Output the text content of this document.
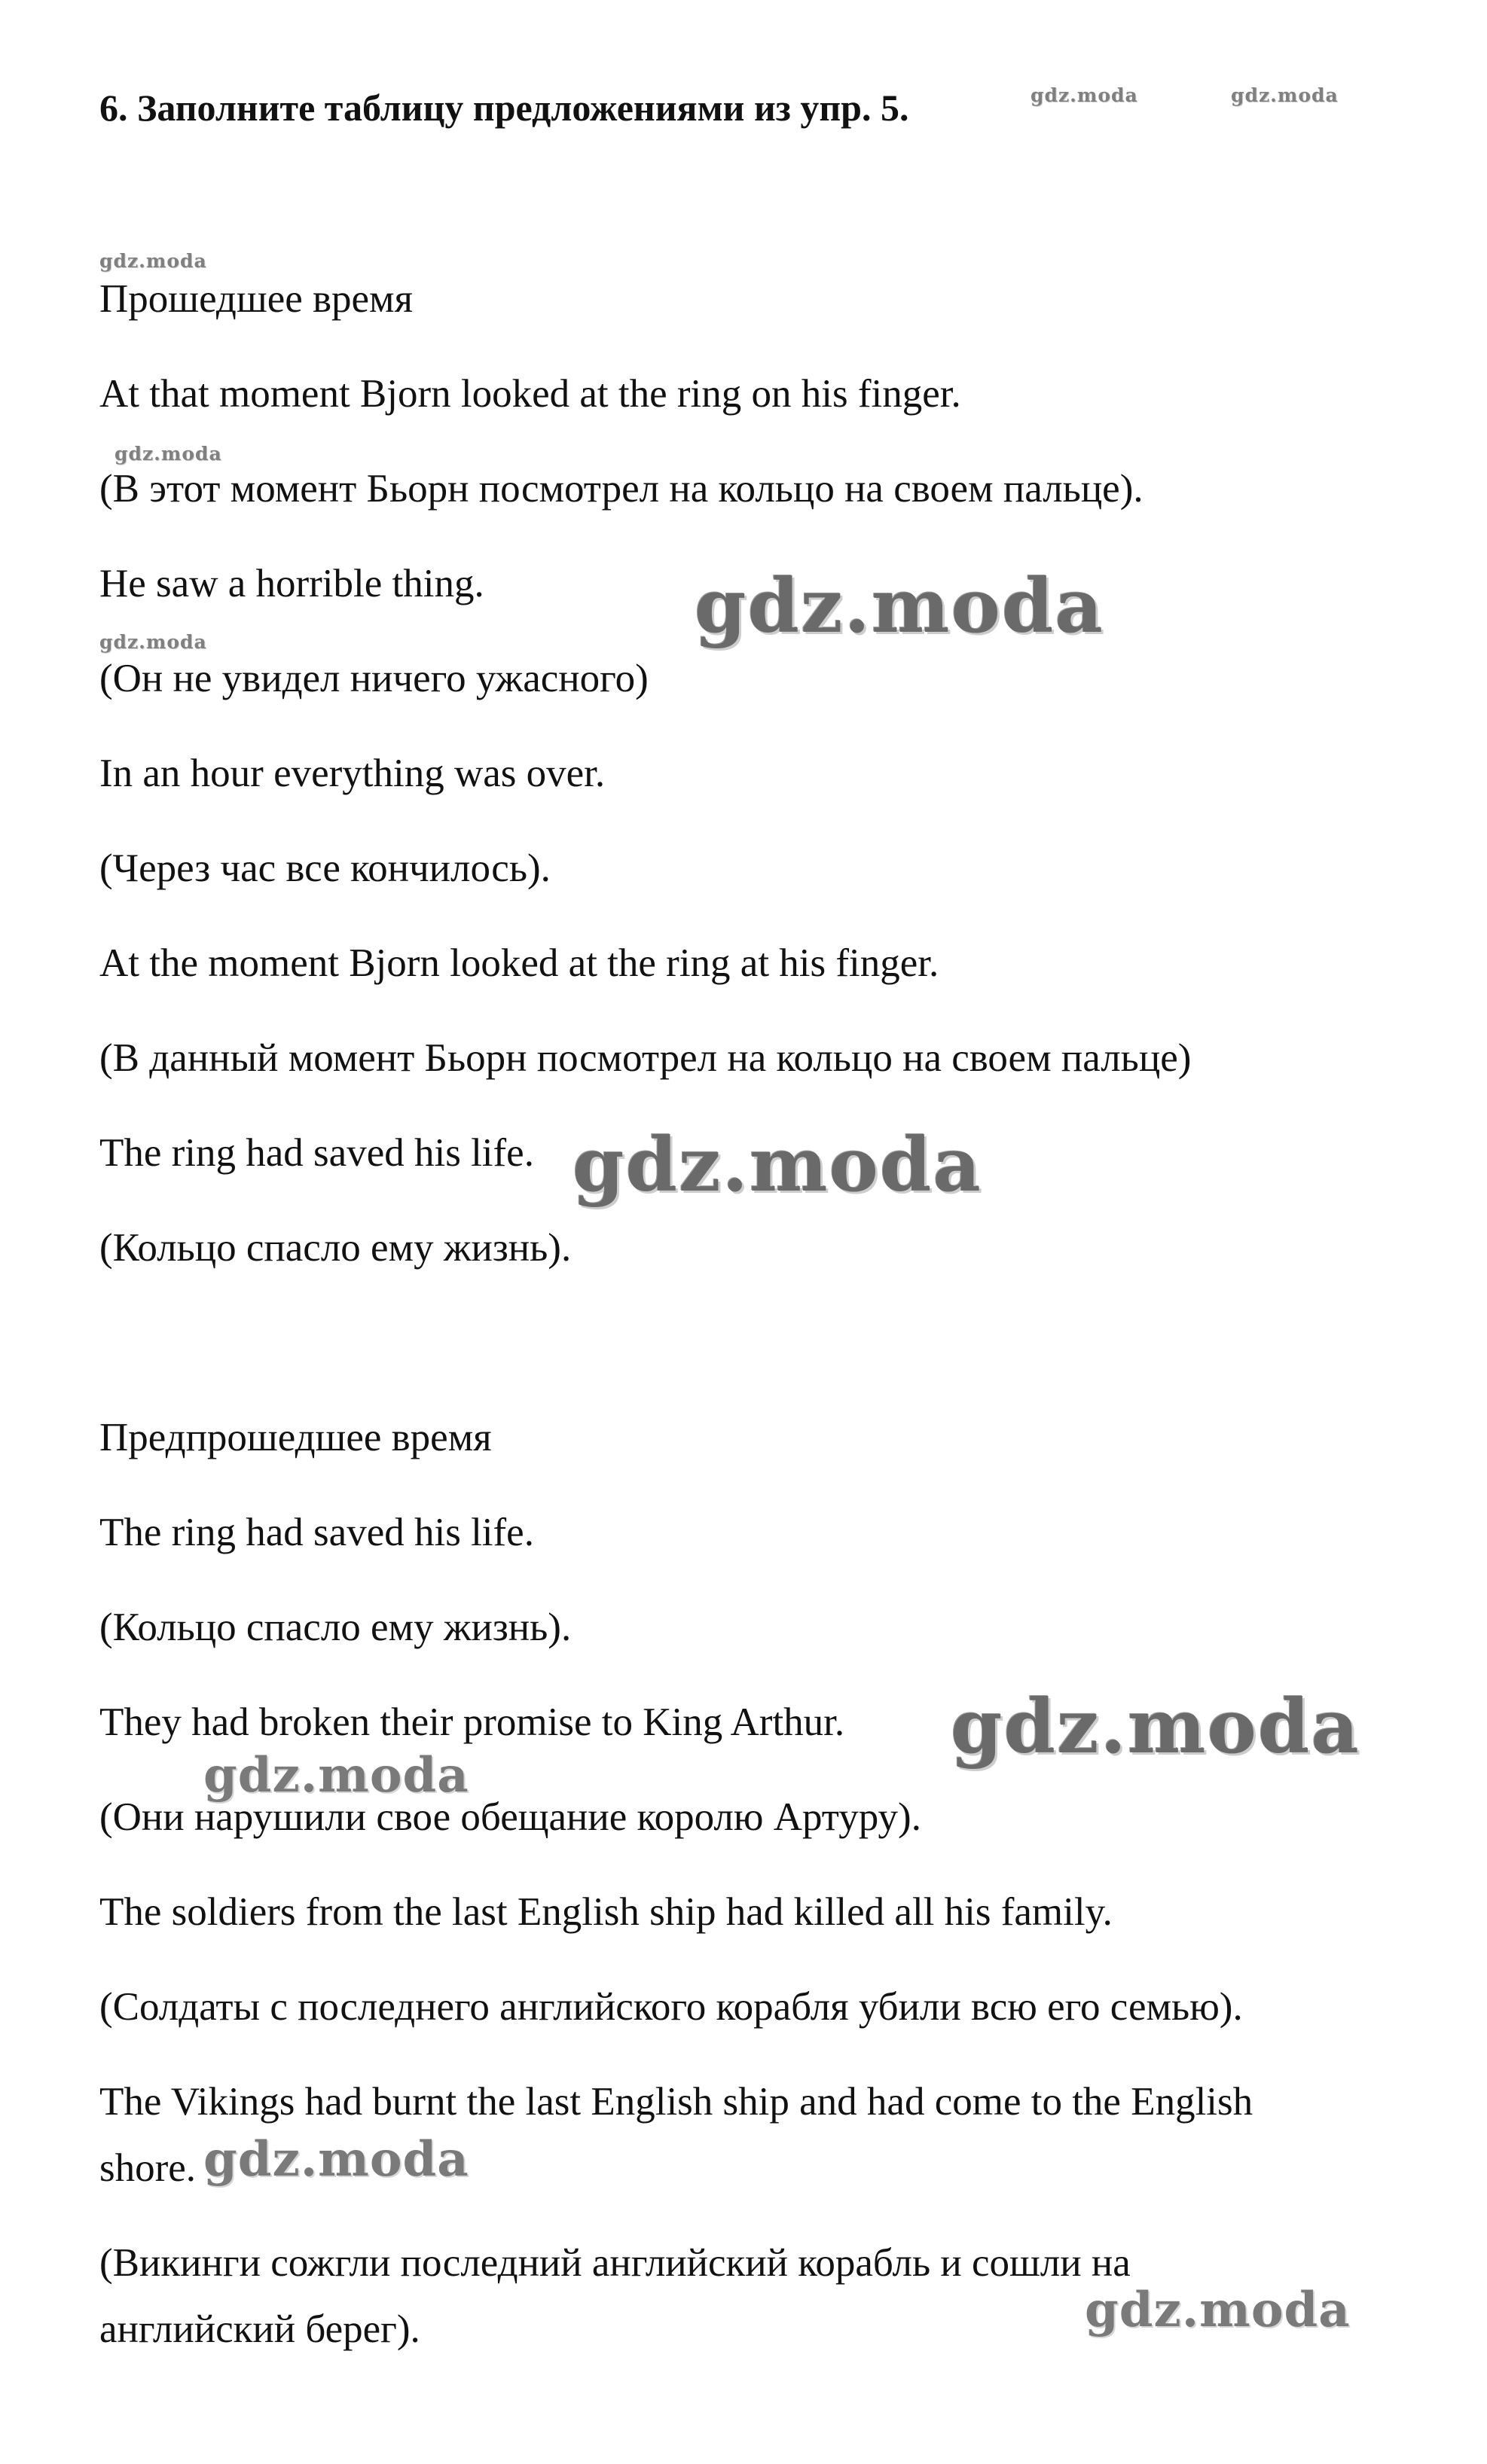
6. Заполните таблицу предложениями из упр. 5.
Прошедшее время
At that moment Bjorn looked at the ring on his finger.
(В этот момент Бьорн посмотрел на кольцо на своем пальце).
He saw a horrible thing.
(Он не увидел ничего ужасного)
In an hour everything was over.
(Через час все кончилось).
At the moment Bjorn looked at the ring at his finger.
(В данный момент Бьорн посмотрел на кольцо на своем пальце)
The ring had saved his life.
(Кольцо спасло ему жизнь).
Предпрошедшее время
The ring had saved his life.
(Кольцо спасло ему жизнь).
They had broken their promise to King Arthur.
(Они нарушили свое обещание королю Артуру).
The soldiers from the last English ship had killed all his family.
(Солдаты с последнего английского корабля убили всю его семью).
The Vikings had burnt the last English ship and had come to the English
shore.
(Викинги сожгли последний английский корабль и сошли на
английский берег).
gdz.moda	gdz.moda
gdz.moda
gdz.moda
gdz.moda	gdz.moda
gdz.moda
gdz.moda
gdz.moda
gdz.moda
gdz.moda
